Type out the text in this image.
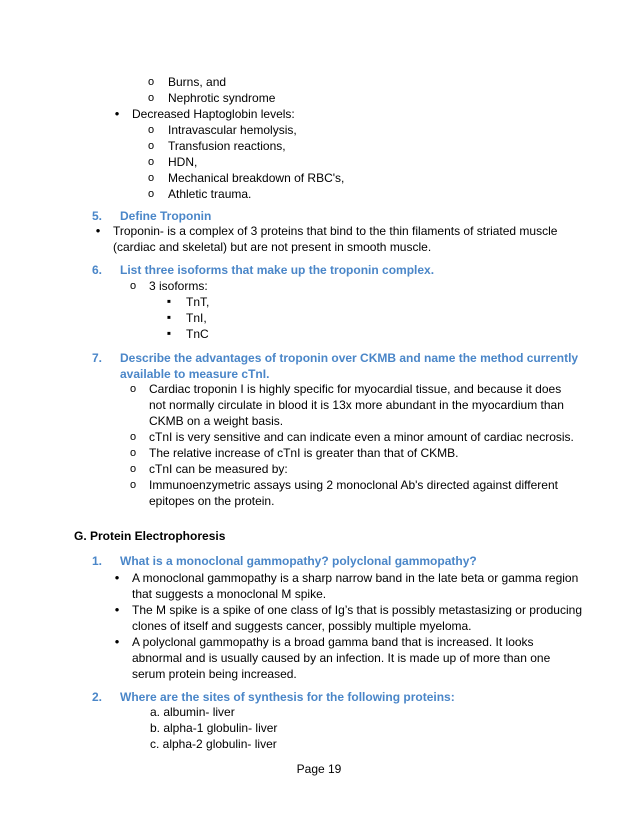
o
Burns, and
o
Nephrotic syndrome
•
Decreased Haptoglobin levels:
o
Intravascular hemolysis,
o
Transfusion reactions,
o
HDN,
o
Mechanical breakdown of RBC's,
o
Athletic trauma.
5. Define Troponin
•
Troponin- is a complex of 3 proteins that bind to the thin filaments of striated muscle
(cardiac and skeletal) but are not present in smooth muscle.
6. List three isoforms that make up the troponin complex.
o
3 isoforms:
▪
TnT,
▪
TnI,
▪
TnC
7. Describe the advantages of troponin over CKMB and name the method currently
available to measure cTnI.
o
Cardiac troponin I is highly specific for myocardial tissue, and because it does
not normally circulate in blood it is 13x more abundant in the myocardium than
CKMB on a weight basis.
o
cTnI is very sensitive and can indicate even a minor amount of cardiac necrosis.
o
The relative increase of cTnI is greater than that of CKMB.
o
cTnI can be measured by:
o
Immunoenzymetric assays using 2 monoclonal Ab's directed against different
epitopes on the protein.
G. Protein Electrophoresis
1. What is a monoclonal gammopathy? polyclonal gammopathy?
•
A monoclonal gammopathy is a sharp narrow band in the late beta or gamma region
that suggests a monoclonal M spike.
•
The M spike is a spike of one class of Ig’s that is possibly metastasizing or producing
clones of itself and suggests cancer, possibly multiple myeloma.
•
A polyclonal gammopathy is a broad gamma band that is increased. It looks
abnormal and is usually caused by an infection. It is made up of more than one
serum protein being increased.
2. Where are the sites of synthesis for the following proteins:
a. albumin- liver
b. alpha-1 globulin- liver
c. alpha-2 globulin- liver
Page 19
